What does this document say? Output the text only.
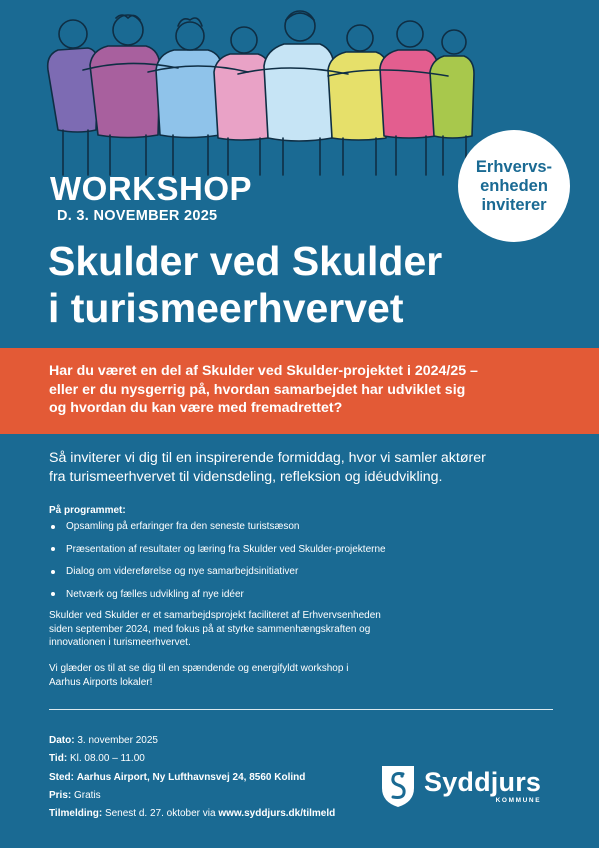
Erhvervs-
enheden
inviterer
WORKSHOP
D. 3. NOVEMBER 2025
Skulder ved Skulder
i turismeerhvervet
Har du været en del af Skulder ved Skulder-projektet i 2024/25 –
eller er du nysgerrig på, hvordan samarbejdet har udviklet sig
og hvordan du kan være med fremadrettet?
Så inviterer vi dig til en inspirerende formiddag, hvor vi samler aktører
fra turismeerhvervet til vidensdeling, refleksion og idéudvikling.
På programmet:
Opsamling på erfaringer fra den seneste turistsæson
Præsentation af resultater og læring fra Skulder ved Skulder-projekterne
Dialog om videreførelse og nye samarbejdsinitiativer
Netværk og fælles udvikling af nye idéer
Skulder ved Skulder er et samarbejdsprojekt faciliteret af Erhvervsenheden
siden september 2024, med fokus på at styrke sammenhængskraften og
innovationen i turismeerhvervet.
Vi glæder os til at se dig til en spændende og energifyldt workshop i
Aarhus Airports lokaler!
Dato: 3. november 2025
Tid: Kl. 08.00 – 11.00
Sted: Aarhus Airport, Ny Lufthavnsvej 24, 8560 Kolind
Pris: Gratis
Tilmelding: Senest d. 27. oktober via www.syddjurs.dk/tilmeld
Syddjurs
KOMMUNE
